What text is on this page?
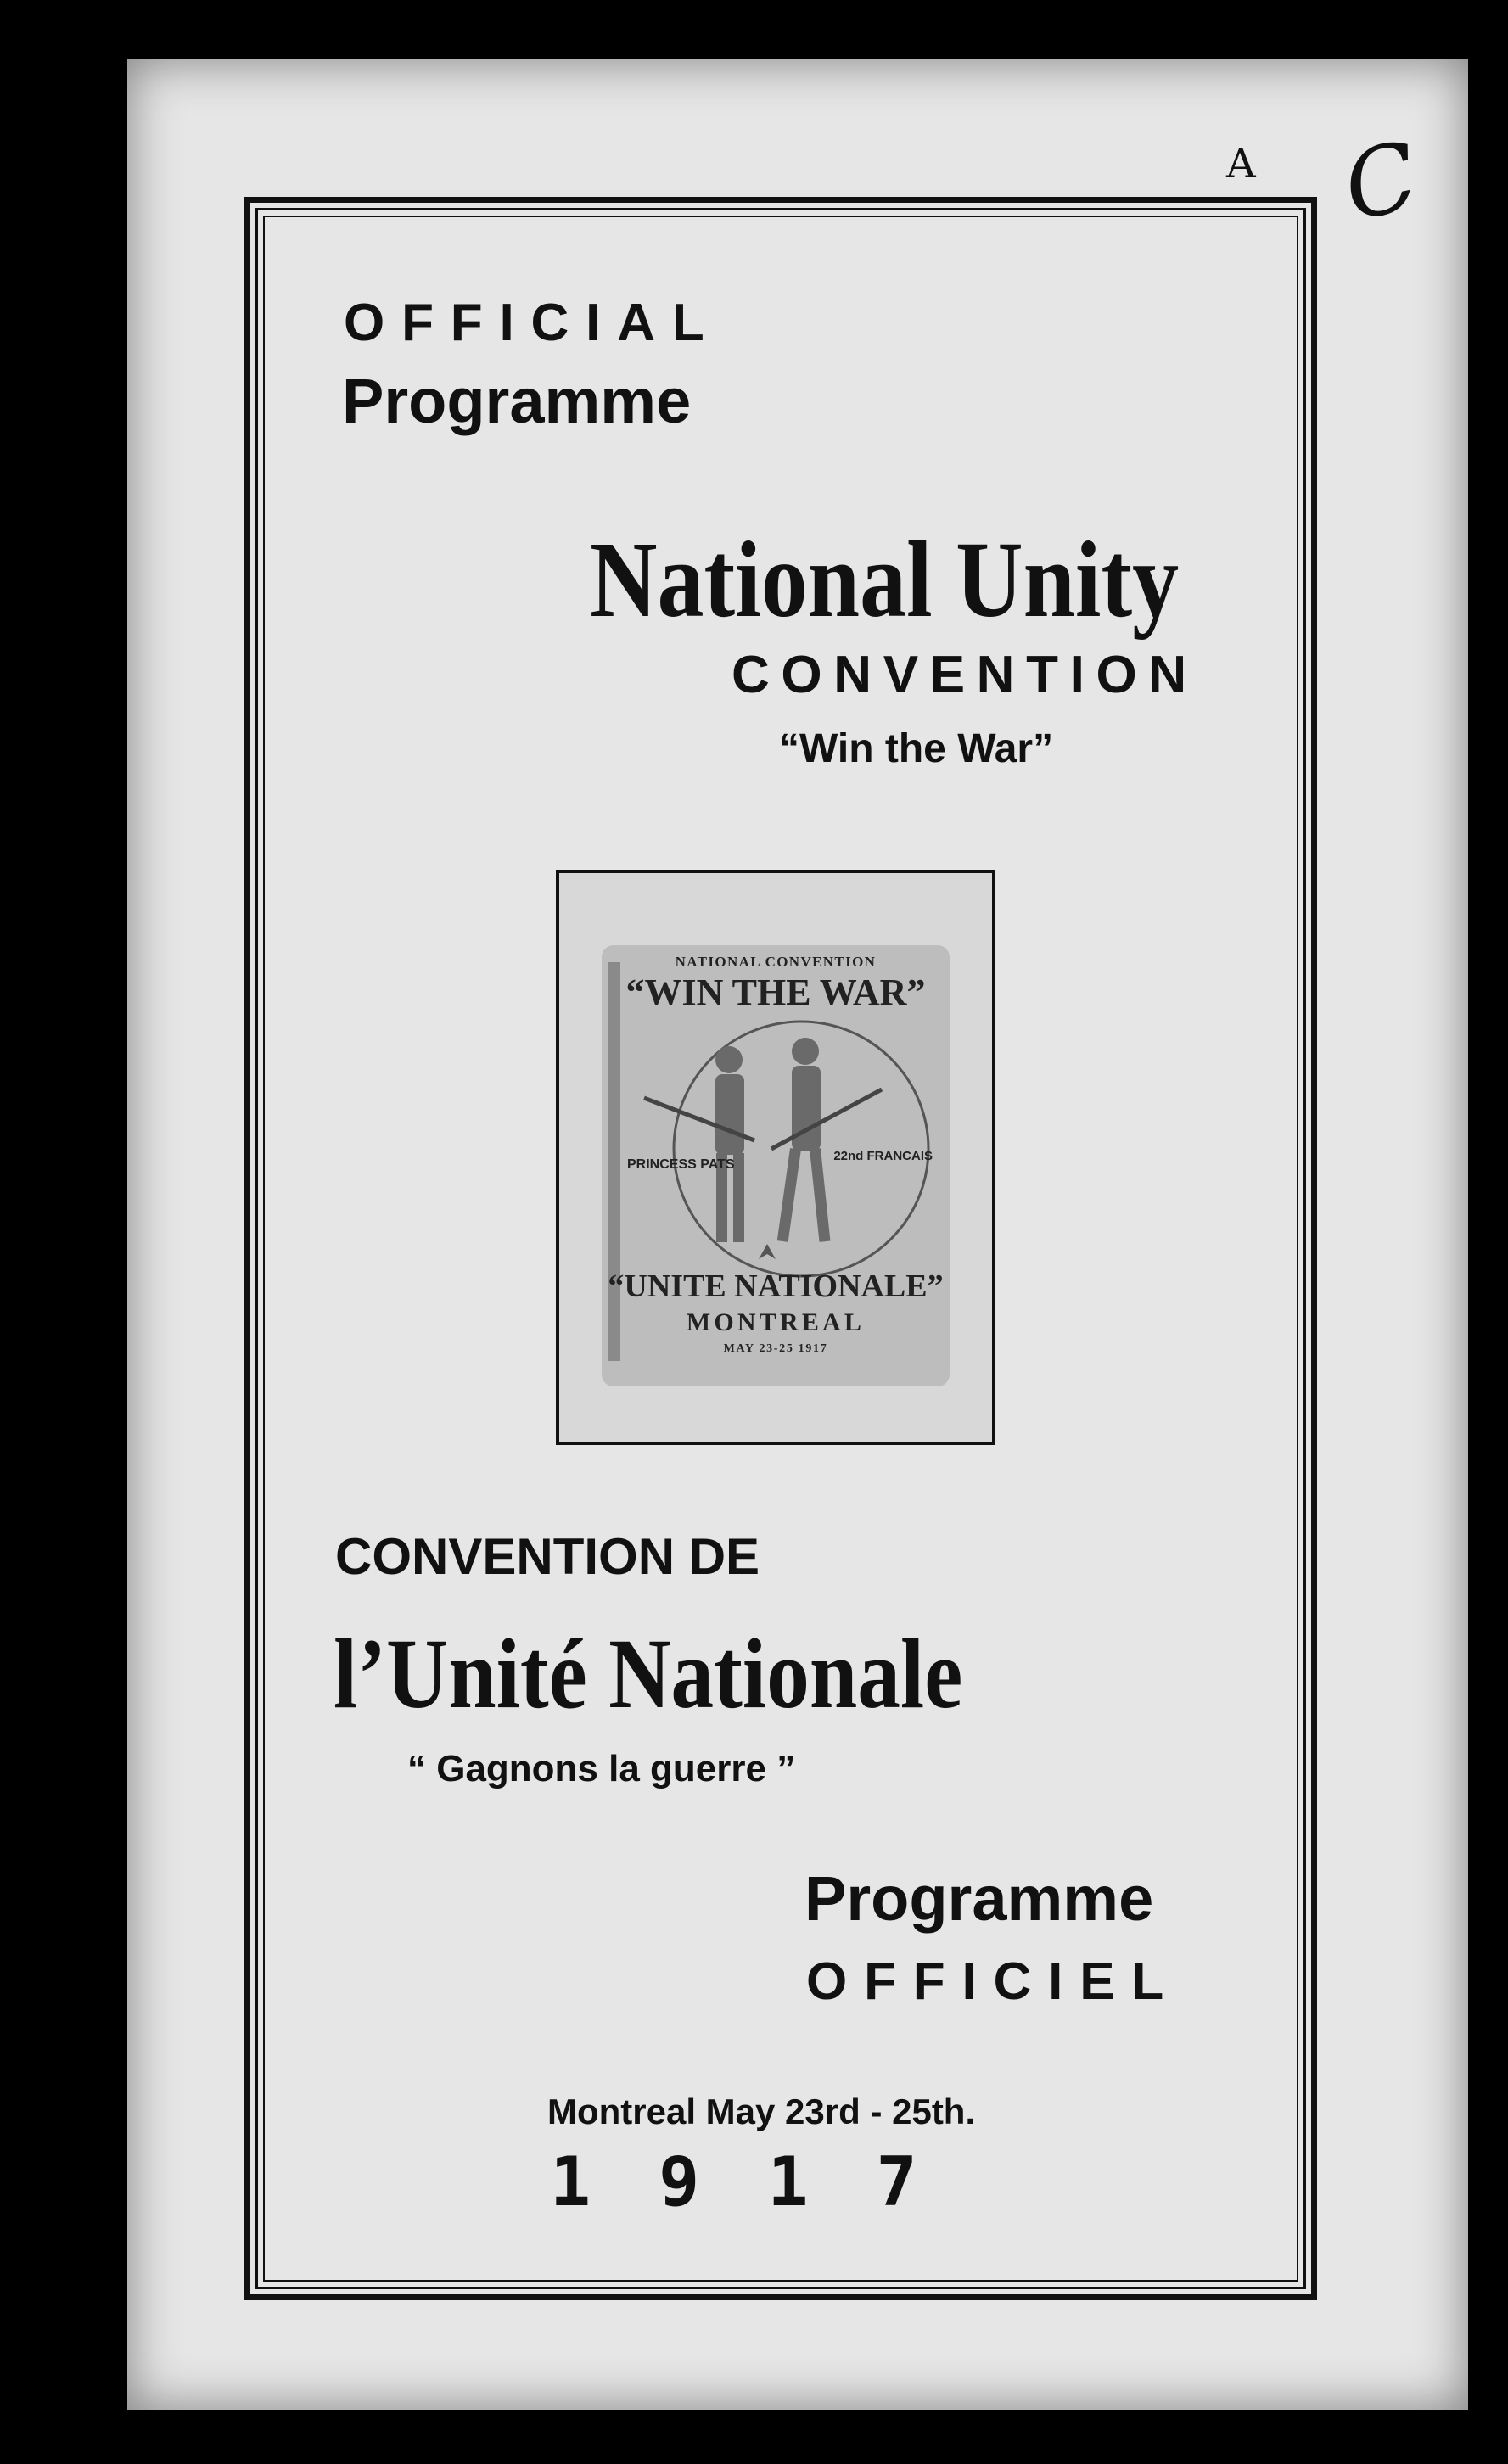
A C

OFFICIAL

Programme

National Unity

CONVENTION

“Win the War”

NATIONAL CONVENTION
“WIN THE WAR”
PRINCESS PATS
22nd FRANCAIS
“UNITE NATIONALE”
MONTREAL
MAY 23-25 1917

CONVENTION DE

l’Unité Nationale

“ Gagnons la guerre ”

Programme

OFFICIEL

Montreal May 23rd - 25th.

1917
